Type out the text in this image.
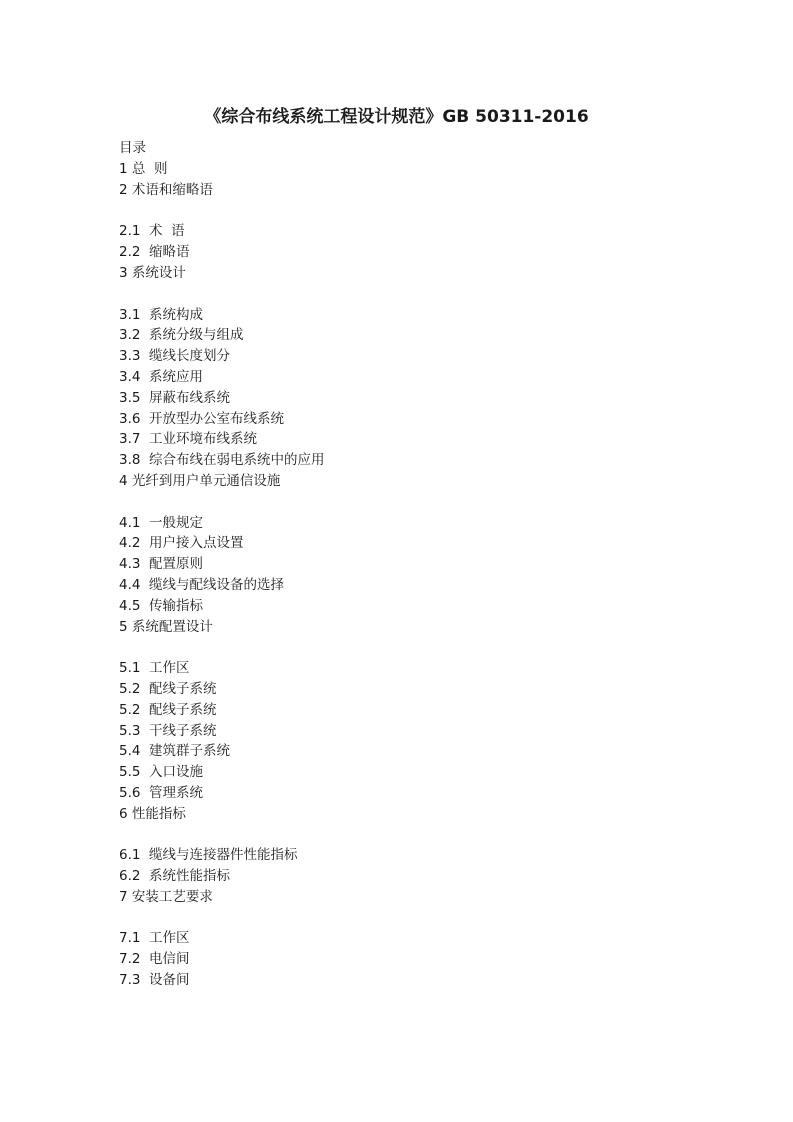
《综合布线系统工程设计规范》GB 50311-2016

目录

1 总  则
2 术语和缩略语
2.1  术  语
2.2  缩略语
3 系统设计
3.1  系统构成
3.2  系统分级与组成
3.3  缆线长度划分
3.4  系统应用
3.5  屏蔽布线系统
3.6  开放型办公室布线系统
3.7  工业环境布线系统
3.8  综合布线在弱电系统中的应用
4 光纤到用户单元通信设施
4.1  一般规定
4.2  用户接入点设置
4.3  配置原则
4.4  缆线与配线设备的选择
4.5  传输指标
5 系统配置设计
5.1  工作区
5.2  配线子系统
5.2  配线子系统
5.3  干线子系统
5.4  建筑群子系统
5.5  入口设施
5.6  管理系统
6 性能指标
6.1  缆线与连接器件性能指标
6.2  系统性能指标
7 安装工艺要求
7.1  工作区
7.2  电信间
7.3  设备间
